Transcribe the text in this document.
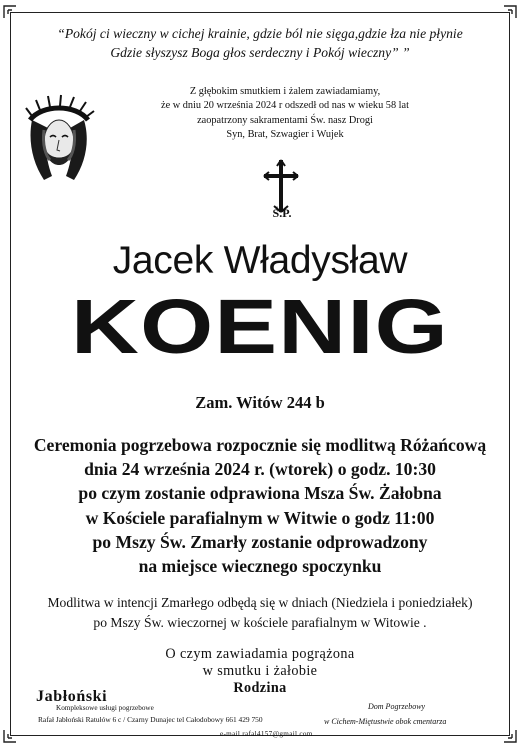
“Pokój ci wieczny w cichej krainie, gdzie ból nie sięga,gdzie łza nie płynie
Gdzie słyszysz Boga głos serdeczny i Pokój wieczny” ”
Z głębokim smutkiem i żalem zawiadamiamy,
że w dniu 20 września 2024 r odszedł od nas w wieku 58 lat
zaopatrzony sakramentami Św. nasz Drogi
Syn, Brat, Szwagier i Wujek
Ś.P.
Jacek Władysław
KOENIG
Zam. Witów 244 b
Ceremonia pogrzebowa rozpocznie się modlitwą Różańcową
dnia 24 września 2024 r. (wtorek) o godz. 10:30
po czym zostanie odprawiona Msza Św. Żałobna
w Kościele parafialnym w Witwie o godz 11:00
po Mszy Św. Zmarły zostanie odprowadzony
na miejsce wiecznego spoczynku
Modlitwa w intencji Zmarłego odbędą się w dniach (Niedziela i poniedziałek)
po Mszy Św. wieczornej w kościele parafialnym w Witowie .
O czym zawiadamia pogrążona
w smutku i żałobie
Rodzina
Jabłoński
Kompleksowe usługi pogrzebowe
Rafał Jabłoński Ratułów 6 c / Czarny Dunajec tel Całodobowy 661 429 750
e-mail rafal4157@gmail.com
Dom Pogrzebowy
w Cichem-Miętustwie obok cmentarza
